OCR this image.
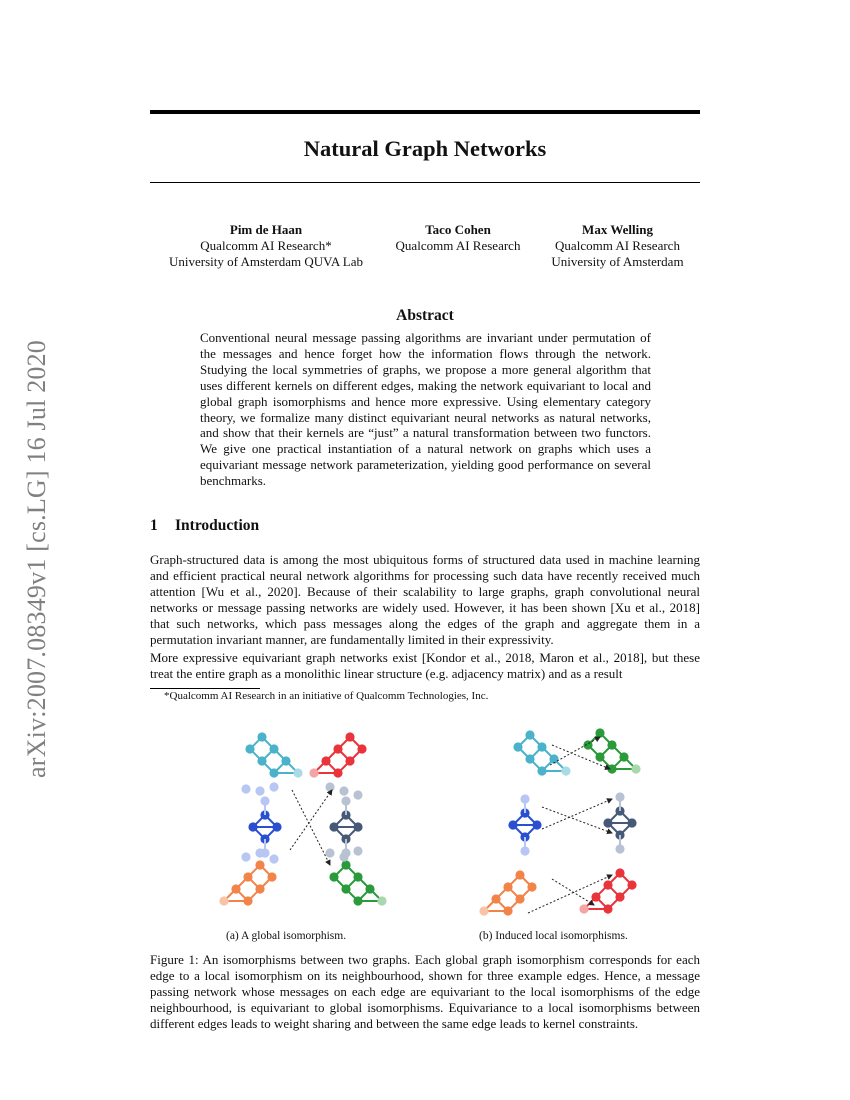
arXiv:2007.08349v1 [cs.LG] 16 Jul 2020
Natural Graph Networks
Pim de Haan
Qualcomm AI Research*
University of Amsterdam QUVA Lab
Taco Cohen
Qualcomm AI Research
Max Welling
Qualcomm AI Research
University of Amsterdam
Abstract

Conventional neural message passing algorithms are invariant under permutation of the messages and hence forget how the information flows through the network. Studying the local symmetries of graphs, we propose a more general algorithm that uses different kernels on different edges, making the network equivariant to local and global graph isomorphisms and hence more expressive. Using elementary category theory, we formalize many distinct equivariant neural networks as natural networks, and show that their kernels are “just” a natural transformation between two functors. We give one practical instantiation of a natural network on graphs which uses a equivariant message network parameterization, yielding good performance on several benchmarks.

1 Introduction

Graph-structured data is among the most ubiquitous forms of structured data used in machine learning and efficient practical neural network algorithms for processing such data have recently received much attention [Wu et al., 2020]. Because of their scalability to large graphs, graph convolutional neural networks or message passing networks are widely used. However, it has been shown [Xu et al., 2018] that such networks, which pass messages along the edges of the graph and aggregate them in a permutation invariant manner, are fundamentally limited in their expressivity.

More expressive equivariant graph networks exist [Kondor et al., 2018, Maron et al., 2018], but these treat the entire graph as a monolithic linear structure (e.g. adjacency matrix) and as a result

*Qualcomm AI Research in an initiative of Qualcomm Technologies, Inc.

(a) A global isomorphism.	(b) Induced local isomorphisms.

Figure 1: An isomorphisms between two graphs. Each global graph isomorphism corresponds for each edge to a local isomorphism on its neighbourhood, shown for three example edges. Hence, a message passing network whose messages on each edge are equivariant to the local isomorphisms of the edge neighbourhood, is equivariant to global isomorphisms. Equivariance to a local isomorphisms between different edges leads to weight sharing and between the same edge leads to kernel constraints.
